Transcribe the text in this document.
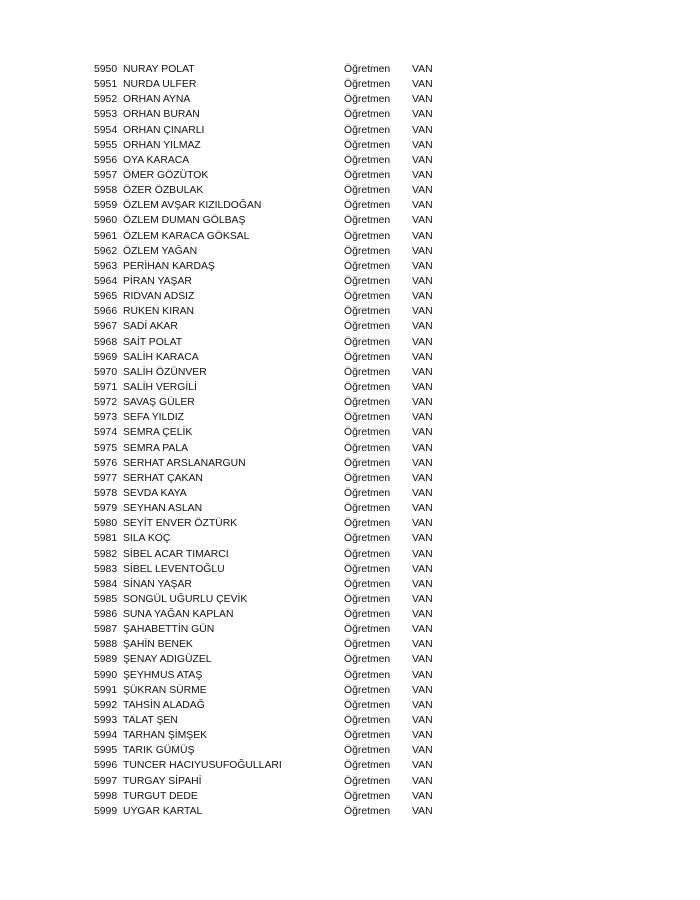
5950 NURAY POLAT	Öğretmen VAN
5951 NURDA ULFER	Öğretmen VAN
5952 ORHAN AYNA	Öğretmen VAN
5953 ORHAN BURAN	Öğretmen VAN
5954 ORHAN ÇINARLI	Öğretmen VAN
5955 ORHAN YILMAZ	Öğretmen VAN
5956 OYA KARACA	Öğretmen VAN
5957 ÖMER GÖZÜTOK	Öğretmen VAN
5958 ÖZER ÖZBULAK	Öğretmen VAN
5959 ÖZLEM AVŞAR KIZILDOĞAN	Öğretmen VAN
5960 ÖZLEM DUMAN GÖLBAŞ	Öğretmen VAN
5961 ÖZLEM KARACA GÖKSAL	Öğretmen VAN
5962 ÖZLEM YAĞAN	Öğretmen VAN
5963 PERİHAN KARDAŞ	Öğretmen VAN
5964 PİRAN YAŞAR	Öğretmen VAN
5965 RIDVAN ADSIZ	Öğretmen VAN
5966 RUKEN KIRAN	Öğretmen VAN
5967 SADİ AKAR	Öğretmen VAN
5968 SAİT POLAT	Öğretmen VAN
5969 SALİH KARACA	Öğretmen VAN
5970 SALİH ÖZÜNVER	Öğretmen VAN
5971 SALİH VERGİLİ	Öğretmen VAN
5972 SAVAŞ GÜLER	Öğretmen VAN
5973 SEFA YILDIZ	Öğretmen VAN
5974 SEMRA ÇELİK	Öğretmen VAN
5975 SEMRA PALA	Öğretmen VAN
5976 SERHAT ARSLANARGUN	Öğretmen VAN
5977 SERHAT ÇAKAN	Öğretmen VAN
5978 SEVDA KAYA	Öğretmen VAN
5979 SEYHAN ASLAN	Öğretmen VAN
5980 SEYİT ENVER ÖZTÜRK	Öğretmen VAN
5981 SILA KOÇ	Öğretmen VAN
5982 SİBEL ACAR TIMARCI	Öğretmen VAN
5983 SİBEL LEVENTOĞLU	Öğretmen VAN
5984 SİNAN YAŞAR	Öğretmen VAN
5985 SONGÜL UĞURLU ÇEVİK	Öğretmen VAN
5986 SUNA YAĞAN KAPLAN	Öğretmen VAN
5987 ŞAHABETTİN GÜN	Öğretmen VAN
5988 ŞAHİN BENEK	Öğretmen VAN
5989 ŞENAY ADIGÜZEL	Öğretmen VAN
5990 ŞEYHMUS ATAŞ	Öğretmen VAN
5991 ŞÜKRAN SÜRME	Öğretmen VAN
5992 TAHSİN ALADAĞ	Öğretmen VAN
5993 TALAT ŞEN	Öğretmen VAN
5994 TARHAN ŞİMŞEK	Öğretmen VAN
5995 TARIK GÜMÜŞ	Öğretmen VAN
5996 TUNCER HACIYUSUFOĞULLARI	Öğretmen VAN
5997 TURGAY SİPAHİ	Öğretmen VAN
5998 TURGUT DEDE	Öğretmen VAN
5999 UYGAR KARTAL	Öğretmen VAN
